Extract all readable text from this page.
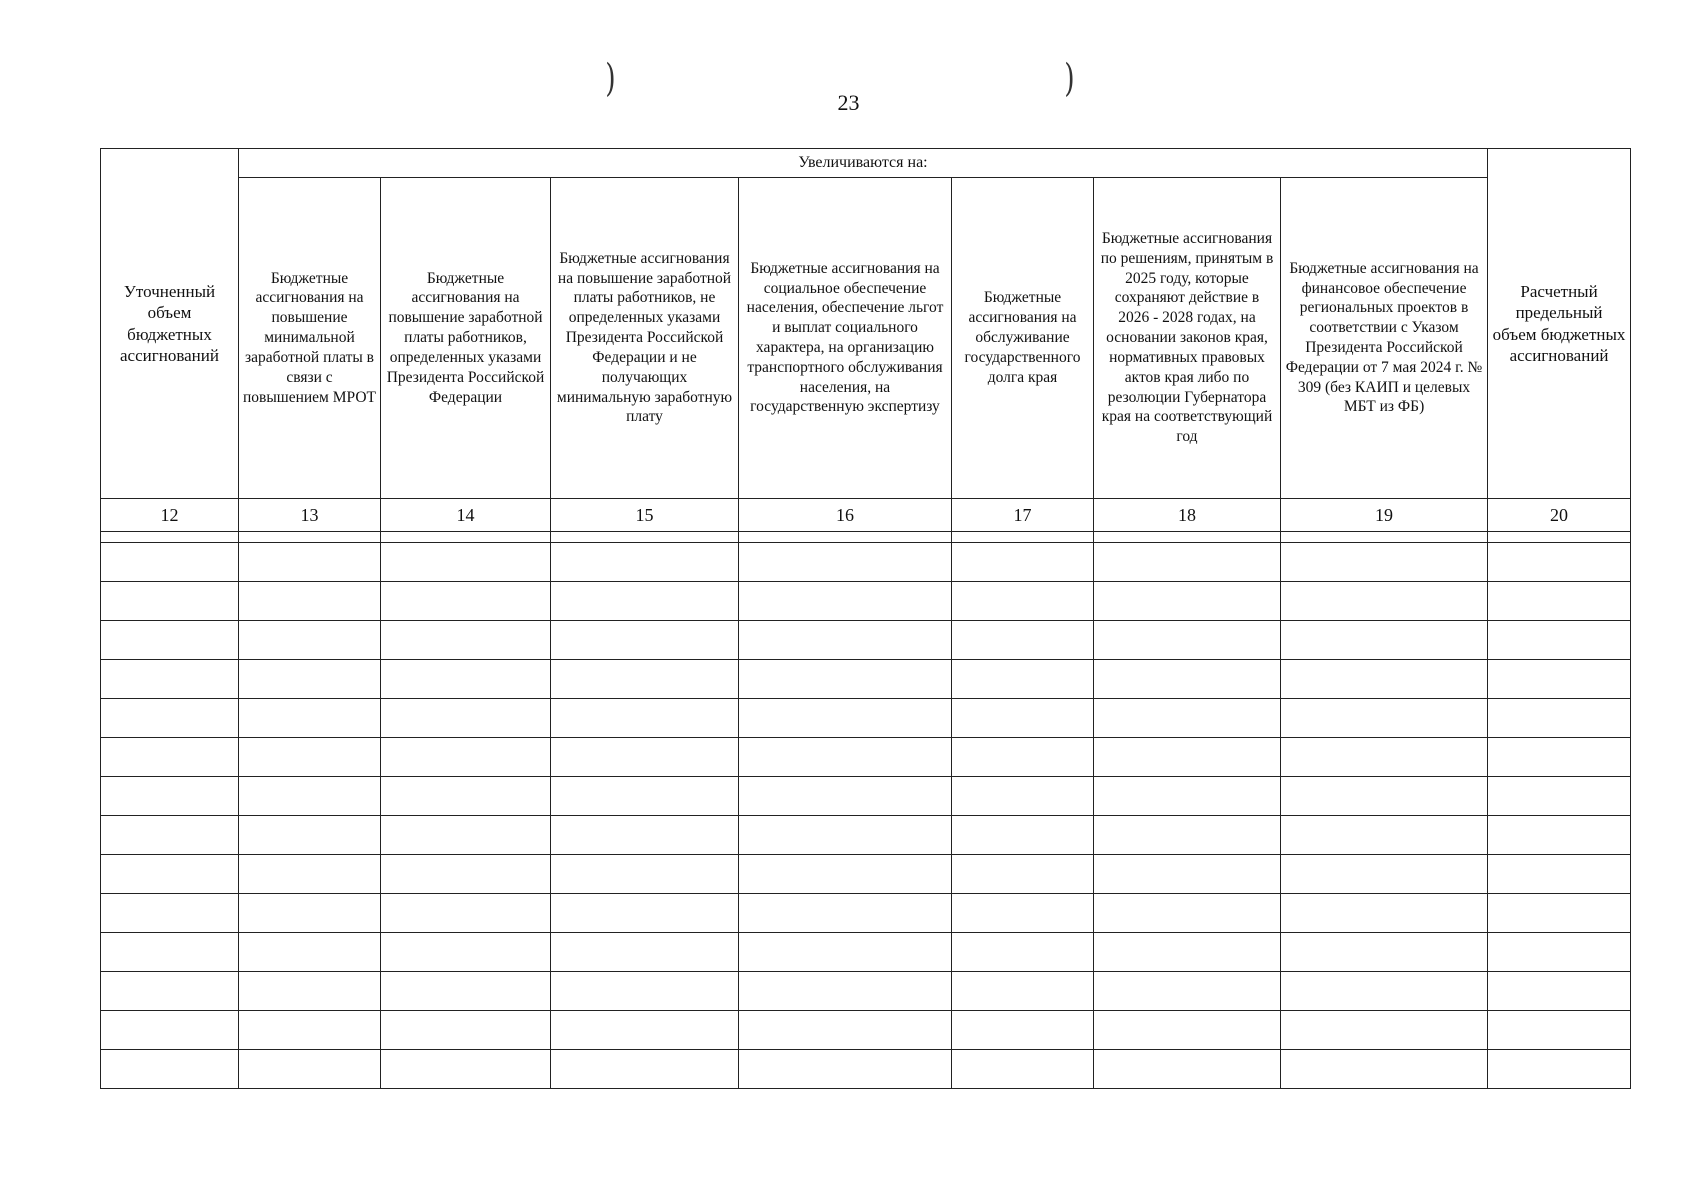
)	)
23
Уточненный объем бюджетных ассигнований	Увеличиваются на:							Расчетный предельный объем бюджетных ассигнований
	Бюджетные ассигнования на повышение минимальной заработной платы в связи с повышением МРОТ	Бюджетные ассигнования на повышение заработной платы работников, определенных указами Президента Российской Федерации	Бюджетные ассигнования на повышение заработной платы работников, не определенных указами Президента Российской Федерации и не получающих минимальную заработную плату	Бюджетные ассигнования на социальное обеспечение населения, обеспечение льгот и выплат социального характера, на организацию транспортного обслуживания населения, на государственную экспертизу	Бюджетные ассигнования на обслуживание государственного долга края	Бюджетные ассигнования по решениям, принятым в 2025 году, которые сохраняют действие в 2026 - 2028 годах, на основании законов края, нормативных правовых актов края либо по резолюции Губернатора края на соответствующий год	Бюджетные ассигнования на финансовое обеспечение региональных проектов в соответствии с Указом Президента Российской Федерации от 7 мая 2024 г. № 309 (без КАИП и целевых МБТ из ФБ)	
12	13	14	15	16	17	18	19	20
